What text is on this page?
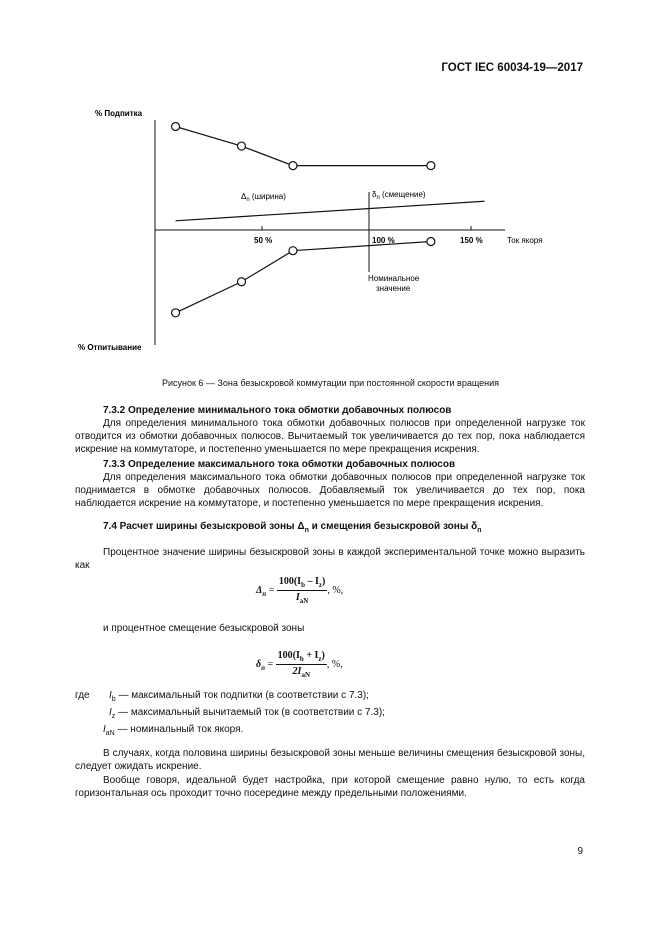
ГОСТ IEC 60034-19—2017
% Подпитка
% Отпитывание
Ток якоря
50 %	100 %	150 %
$\Delta_n$ (ширина)	$\delta_n$ (смещение)
Номинальное
значение
Рисунок 6 — Зона безыскровой коммутации при постоянной скорости вращения
7.3.2 Определение минимального тока обмотки добавочных полюсов
Для определения минимального тока обмотки добавочных полюсов при определенной нагрузке ток отводится из обмотки добавочных полюсов. Вычитаемый ток увеличивается до тех пор, пока наблюдается искрение на коммутаторе, и постепенно уменьшается по мере прекращения искрения.
7.3.3 Определение максимального тока обмотки добавочных полюсов
Для определения максимального тока обмотки добавочных полюсов при определенной нагрузке ток поднимается в обмотке добавочных полюсов. Добавляемый ток увеличивается до тех пор, пока наблюдается искрение на коммутаторе, и постепенно уменьшается по мере прекращения искрения.
7.4 Расчет ширины безыскровой зоны $\Delta_n$ и смещения безыскровой зоны $\delta_n$
Процентное значение ширины безыскровой зоны в каждой экспериментальной точке можно выразить как
$\Delta_n = \frac{100(I_b - I_z)}{I_{aN}}$ , %,
и процентное смещение безыскровой зоны
$\delta_n = \frac{100(I_b + I_z)}{2I_{aN}}$ , %,
где $I_b$ — максимальный ток подпитки (в соответствии с 7.3);
$I_z$ — максимальный вычитаемый ток (в соответствии с 7.3);
$I_{aN}$ — номинальный ток якоря.
В случаях, когда половина ширины безыскровой зоны меньше величины смещения безыскровой зоны, следует ожидать искрение.
Вообще говоря, идеальной будет настройка, при которой смещение равно нулю, то есть когда горизонтальная ось проходит точно посередине между предельными положениями.
9
